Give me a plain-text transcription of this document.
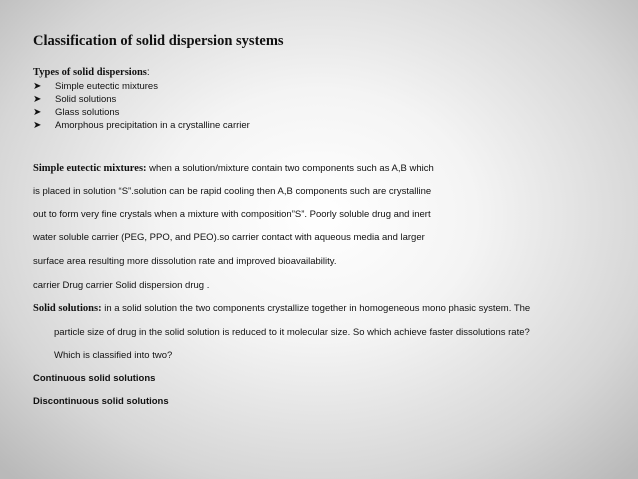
Classification of solid dispersion systems
Types of solid dispersions:
➤	Simple eutectic mixtures
➤	Solid solutions
➤	Glass solutions
➤	Amorphous precipitation in a crystalline carrier
Simple eutectic mixtures: when a solution/mixture contain two components such as A,B which
is placed in solution “S”.solution can be rapid cooling then A,B components such are crystalline
out to form very fine crystals when a mixture with composition”S”. Poorly soluble drug and inert
water soluble carrier (PEG, PPO, and PEO).so carrier contact with aqueous media and larger
surface area resulting more dissolution rate and improved bioavailability.
carrier Drug carrier Solid dispersion drug .
Solid solutions: in a solid solution the two components crystallize together in homogeneous mono phasic system. The
particle size of drug in the solid solution is reduced to it molecular size. So which achieve faster dissolutions rate?
Which is classified into two?
Continuous solid solutions
Discontinuous solid solutions
